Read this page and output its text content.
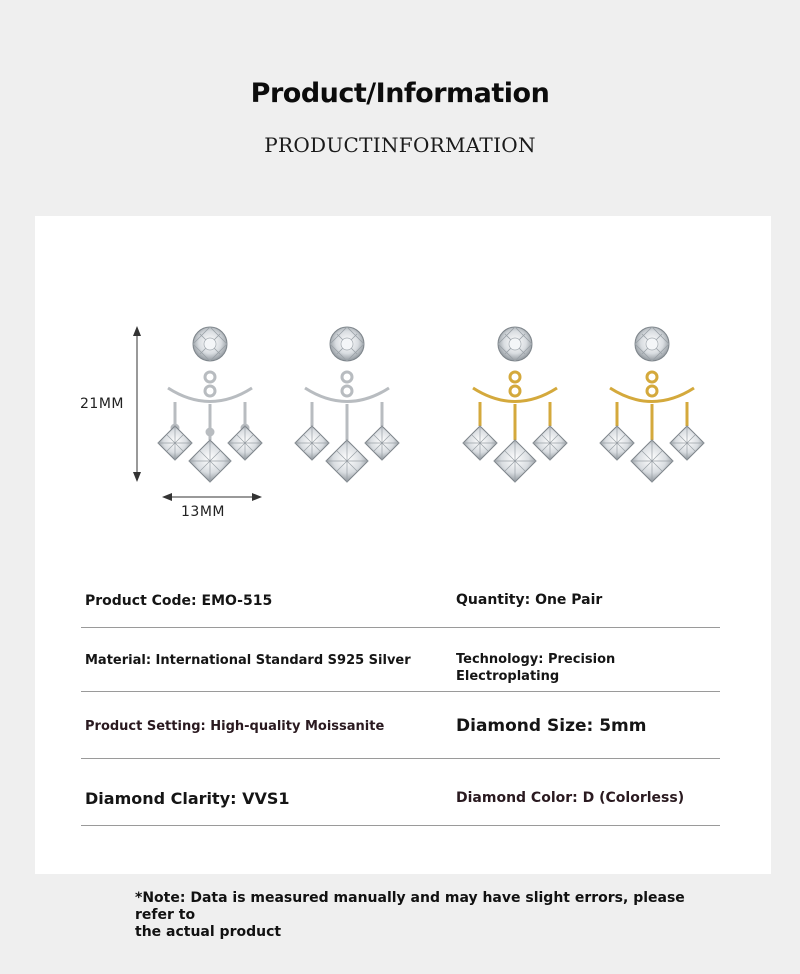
Product/Information
PRODUCTINFORMATION
21MM
13MM
Product Code: EMO-515	Quantity: One Pair
Material: International Standard S925 Silver	Technology: Precision
Electroplating
Product Setting: High-quality Moissanite	Diamond Size: 5mm
Diamond Clarity: VVS1	Diamond Color: D (Colorless)
*Note: Data is measured manually and may have slight errors, please refer to
the actual product
